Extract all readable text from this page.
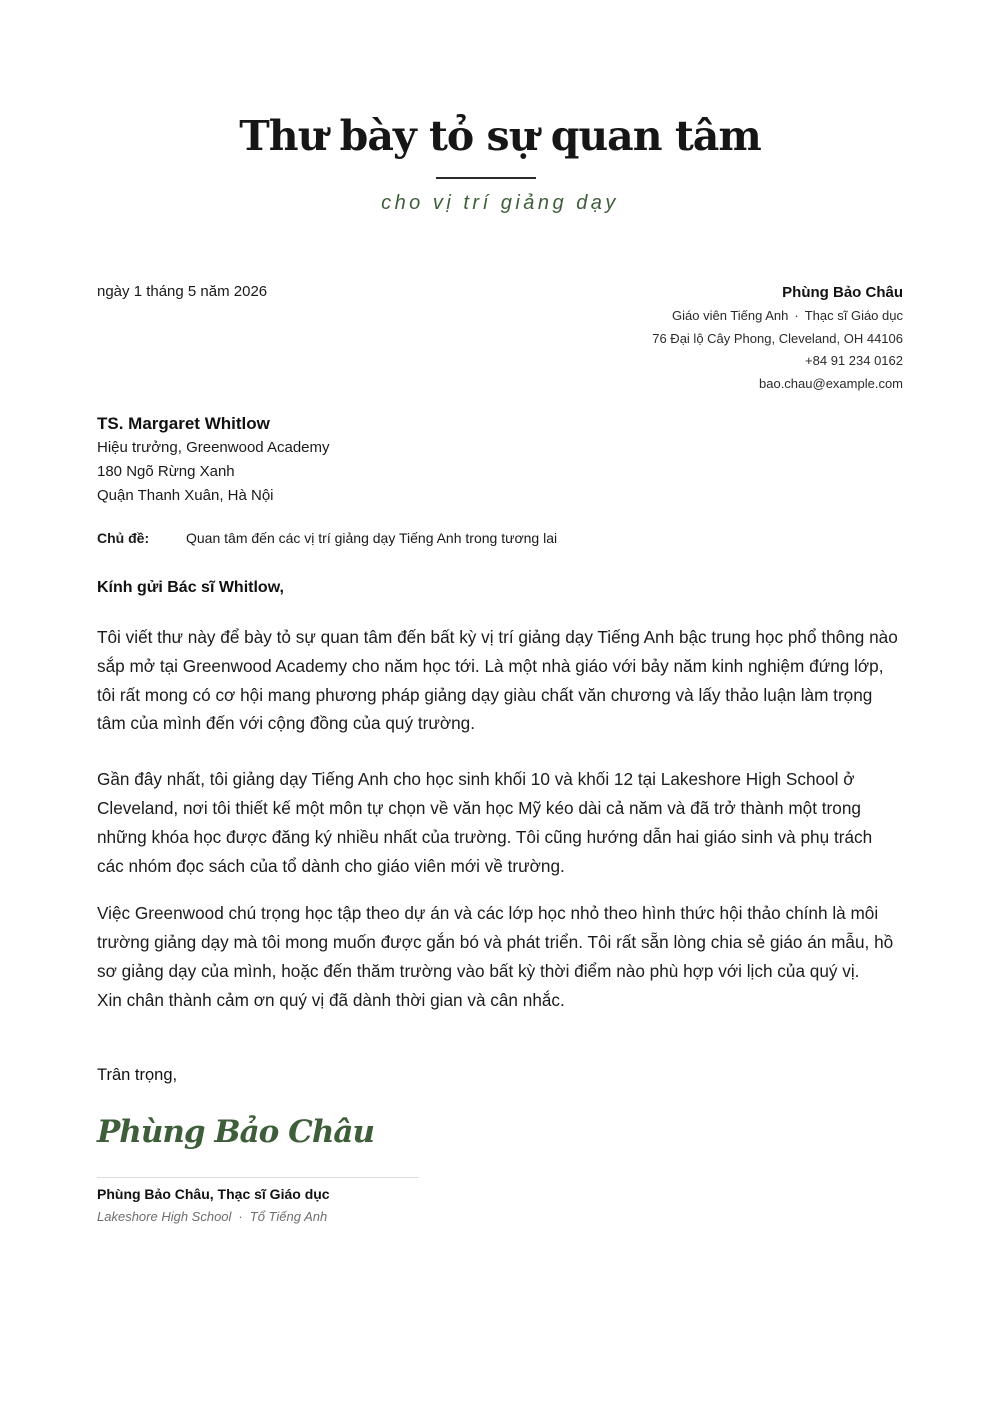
Thư bày tỏ sự quan tâm
cho vị trí giảng dạy
ngày 1 tháng 5 năm 2026	Phùng Bảo Châu
Giáo viên Tiếng Anh · Thạc sĩ Giáo dục
76 Đại lộ Cây Phong, Cleveland, OH 44106
+84 91 234 0162
bao.chau@example.com
TS. Margaret Whitlow
Hiệu trưởng, Greenwood Academy
180 Ngõ Rừng Xanh
Quận Thanh Xuân, Hà Nội
Chủ đề:	Quan tâm đến các vị trí giảng dạy Tiếng Anh trong tương lai
Kính gửi Bác sĩ Whitlow,

Tôi viết thư này để bày tỏ sự quan tâm đến bất kỳ vị trí giảng dạy Tiếng Anh bậc trung học phổ thông nào sắp mở tại Greenwood Academy cho năm học tới. Là một nhà giáo với bảy năm kinh nghiệm đứng lớp, tôi rất mong có cơ hội mang phương pháp giảng dạy giàu chất văn chương và lấy thảo luận làm trọng tâm của mình đến với cộng đồng của quý trường.

Gần đây nhất, tôi giảng dạy Tiếng Anh cho học sinh khối 10 và khối 12 tại Lakeshore High School ở Cleveland, nơi tôi thiết kế một môn tự chọn về văn học Mỹ kéo dài cả năm và đã trở thành một trong những khóa học được đăng ký nhiều nhất của trường. Tôi cũng hướng dẫn hai giáo sinh và phụ trách các nhóm đọc sách của tổ dành cho giáo viên mới về trường.

Việc Greenwood chú trọng học tập theo dự án và các lớp học nhỏ theo hình thức hội thảo chính là môi trường giảng dạy mà tôi mong muốn được gắn bó và phát triển. Tôi rất sẵn lòng chia sẻ giáo án mẫu, hồ sơ giảng dạy của mình, hoặc đến thăm trường vào bất kỳ thời điểm nào phù hợp với lịch của quý vị.

Xin chân thành cảm ơn quý vị đã dành thời gian và cân nhắc.

Trân trọng,
Phùng Bảo Châu
Phùng Bảo Châu, Thạc sĩ Giáo dục
Lakeshore High School · Tổ Tiếng Anh
